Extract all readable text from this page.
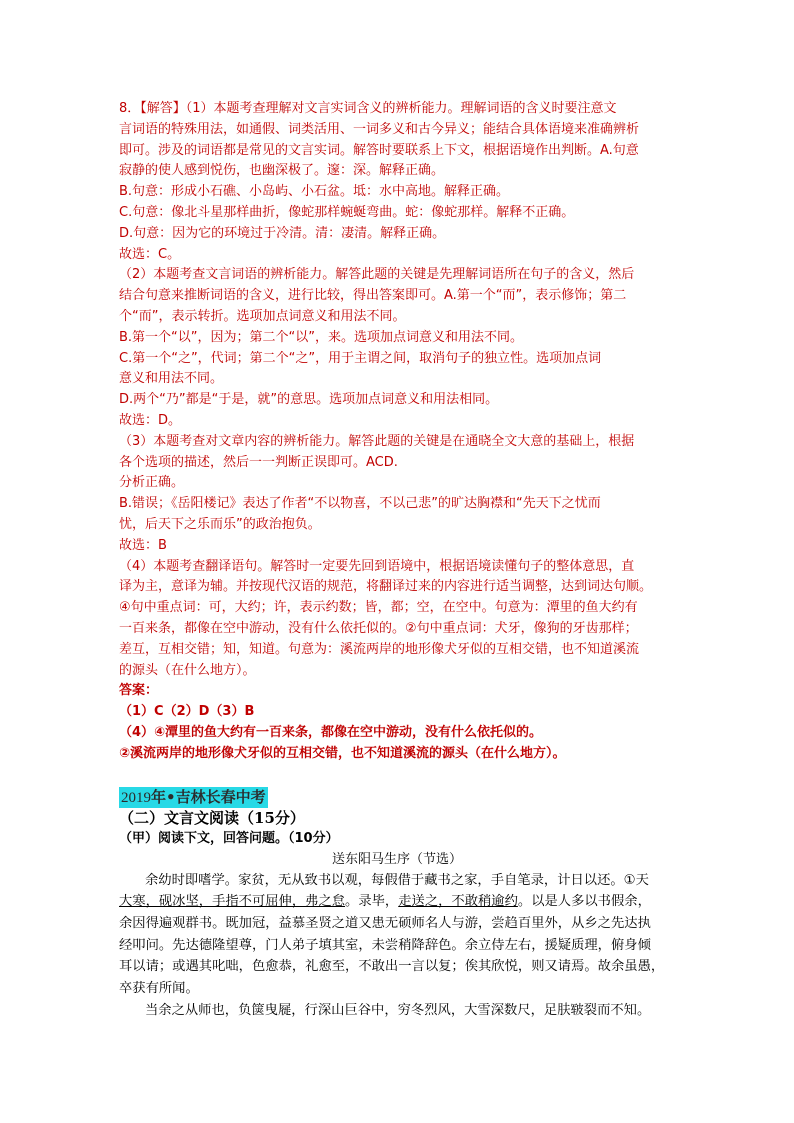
8．【解答】（1）本题考查理解对文言实词含义的辨析能力。理解词语的含义时要注意文
言词语的特殊用法，如通假、词类活用、一词多义和古今异义；能结合具体语境来准确辨析
即可。涉及的词语都是常见的文言实词。解答时要联系上下文，根据语境作出判断。A.句意
寂静的使人感到悦伤，也幽深极了。邃：深。解释正确。
B.句意：形成小石礁、小岛屿、小石盆。坻：水中高地。解释正确。
C.句意：像北斗星那样曲折，像蛇那样蜿蜒弯曲。蛇：像蛇那样。解释不正确。
D.句意：因为它的环境过于冷清。清：凄清。解释正确。
故选：C。
（2）本题考查文言词语的辨析能力。解答此题的关键是先理解词语所在句子的含义，然后
结合句意来推断词语的含义，进行比较，得出答案即可。A.第一个“而”，表示修饰；第二
个“而”，表示转折。选项加点词意义和用法不同。
B.第一个“以”，因为；第二个“以”，来。选项加点词意义和用法不同。
C.第一个“之”，代词；第二个“之”，用于主谓之间，取消句子的独立性。选项加点词
意义和用法不同。
D.两个“乃”都是“于是，就”的意思。选项加点词意义和用法相同。
故选：D。
（3）本题考查对文章内容的辨析能力。解答此题的关键是在通晓全文大意的基础上，根据
各个选项的描述，然后一一判断正误即可。ACD.
分析正确。
B.错误；《岳阳楼记》表达了作者“不以物喜，不以己悲”的旷达胸襟和“先天下之忧而
忧，后天下之乐而乐”的政治抱负。
故选：B
（4）本题考查翻译语句。解答时一定要先回到语境中，根据语境读懂句子的整体意思，直
译为主，意译为辅。并按现代汉语的规范，将翻译过来的内容进行适当调整，达到词达句顺。
④句中重点词：可，大约；许，表示约数；皆，都；空，在空中。句意为：潭里的鱼大约有
一百来条，都像在空中游动，没有什么依托似的。②句中重点词：犬牙，像狗的牙齿那样；
差互，互相交错；知，知道。句意为：溪流两岸的地形像犬牙似的互相交错，也不知道溪流
的源头（在什么地方）。
答案：
（1）C（2）D（3）B
（4）④潭里的鱼大约有一百来条，都像在空中游动，没有什么依托似的。
②溪流两岸的地形像犬牙似的互相交错，也不知道溪流的源头（在什么地方）。
2019年•吉林长春中考
（二）文言文阅读（15分）
（甲）阅读下文，回答问题。（10分）
送东阳马生序（节选）
余幼时即嗜学。家贫，无从致书以观，每假借于藏书之家，手自笔录，计日以还。①天
大寒，砚冰坚，手指不可屈伸，弗之怠。录毕，走送之，不敢稍逾约。以是人多以书假余，
余因得遍观群书。既加冠，益慕圣贤之道又患无硕师名人与游，尝趋百里外，从乡之先达执
经叩问。先达德隆望尊，门人弟子填其室，未尝稍降辞色。余立侍左右，援疑质理，俯身倾
耳以请；或遇其叱咄，色愈恭，礼愈至，不敢出一言以复；俟其欣悦，则又请焉。故余虽愚，
卒获有所闻。
当余之从师也，负箧曳屣，行深山巨谷中，穷冬烈风，大雪深数尺，足肤皲裂而不知。
